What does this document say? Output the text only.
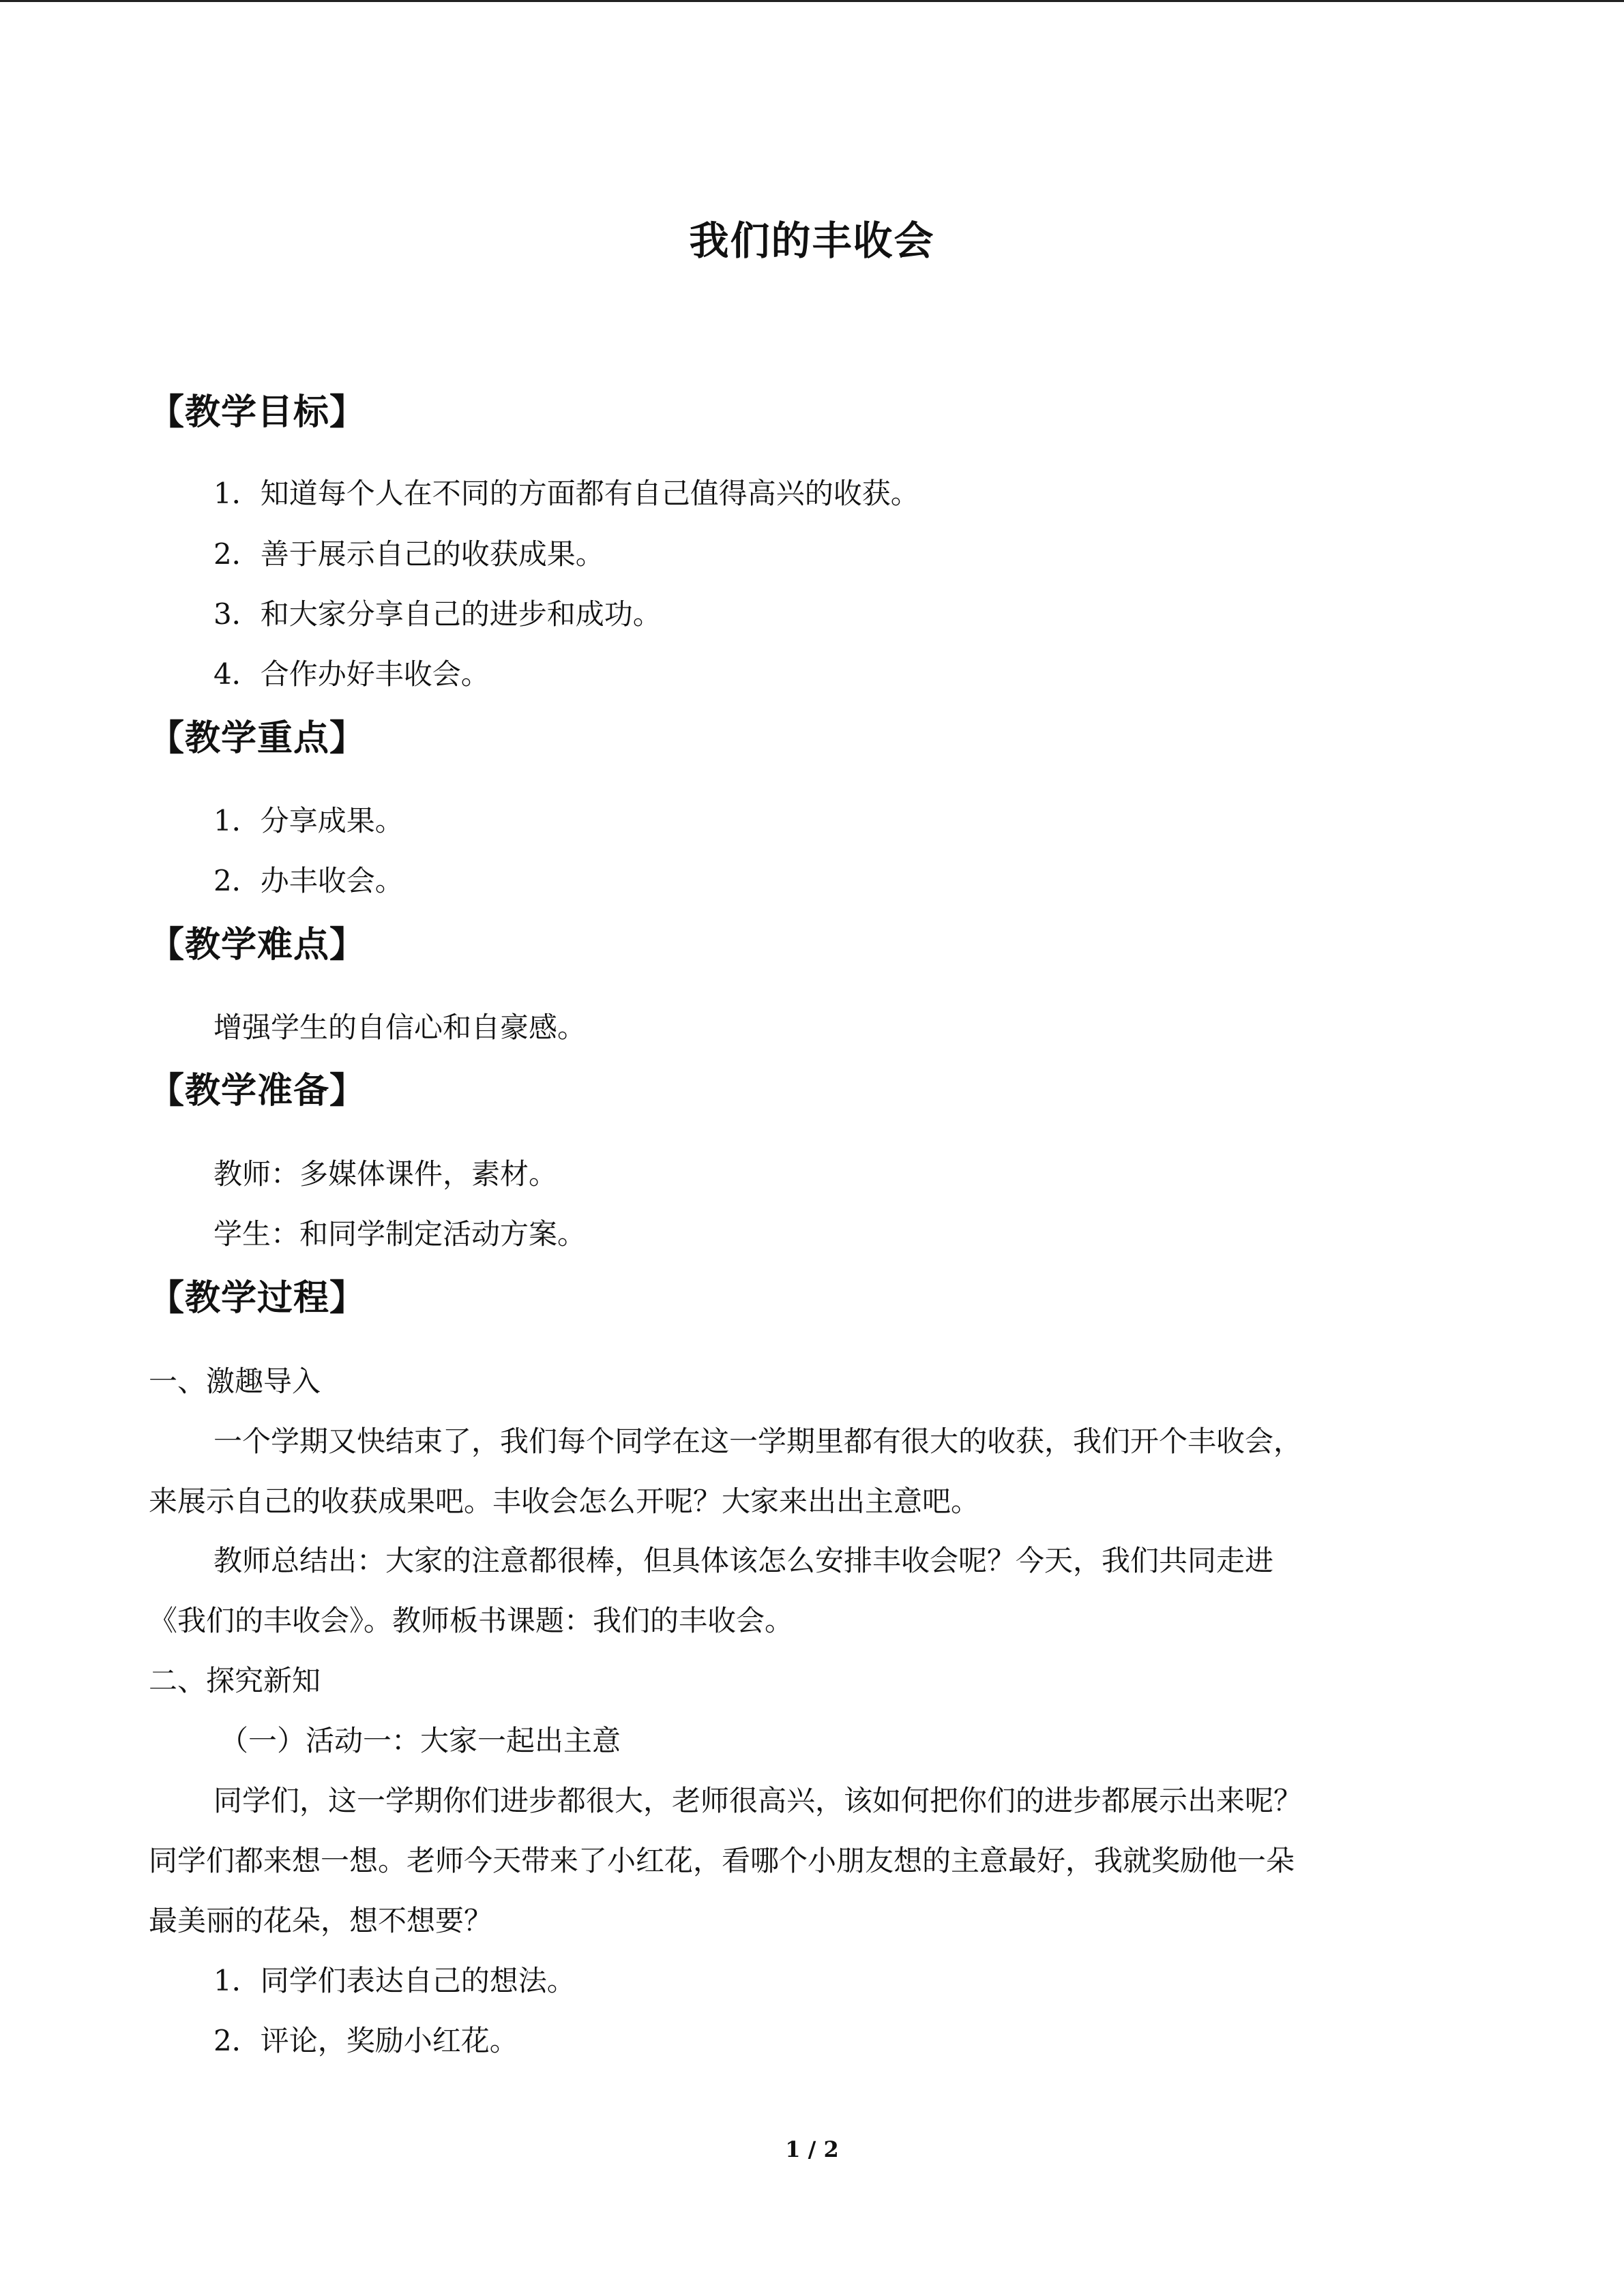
我们的丰收会
【教学目标】
1．知道每个人在不同的方面都有自己值得高兴的收获。
2．善于展示自己的收获成果。
3．和大家分享自己的进步和成功。
4．合作办好丰收会。
【教学重点】
1．分享成果。
2．办丰收会。
【教学难点】
增强学生的自信心和自豪感。
【教学准备】
教师：多媒体课件，素材。
学生：和同学制定活动方案。
【教学过程】
一、激趣导入
一个学期又快结束了，我们每个同学在这一学期里都有很大的收获，我们开个丰收会，
来展示自己的收获成果吧。丰收会怎么开呢？大家来出出主意吧。
教师总结出：大家的注意都很棒，但具体该怎么安排丰收会呢？今天，我们共同走进
《我们的丰收会》。教师板书课题：我们的丰收会。
二、探究新知
（一）活动一：大家一起出主意
同学们，这一学期你们进步都很大，老师很高兴，该如何把你们的进步都展示出来呢？
同学们都来想一想。老师今天带来了小红花，看哪个小朋友想的主意最好，我就奖励他一朵
最美丽的花朵，想不想要？
1．同学们表达自己的想法。
2．评论，奖励小红花。
1 / 2
